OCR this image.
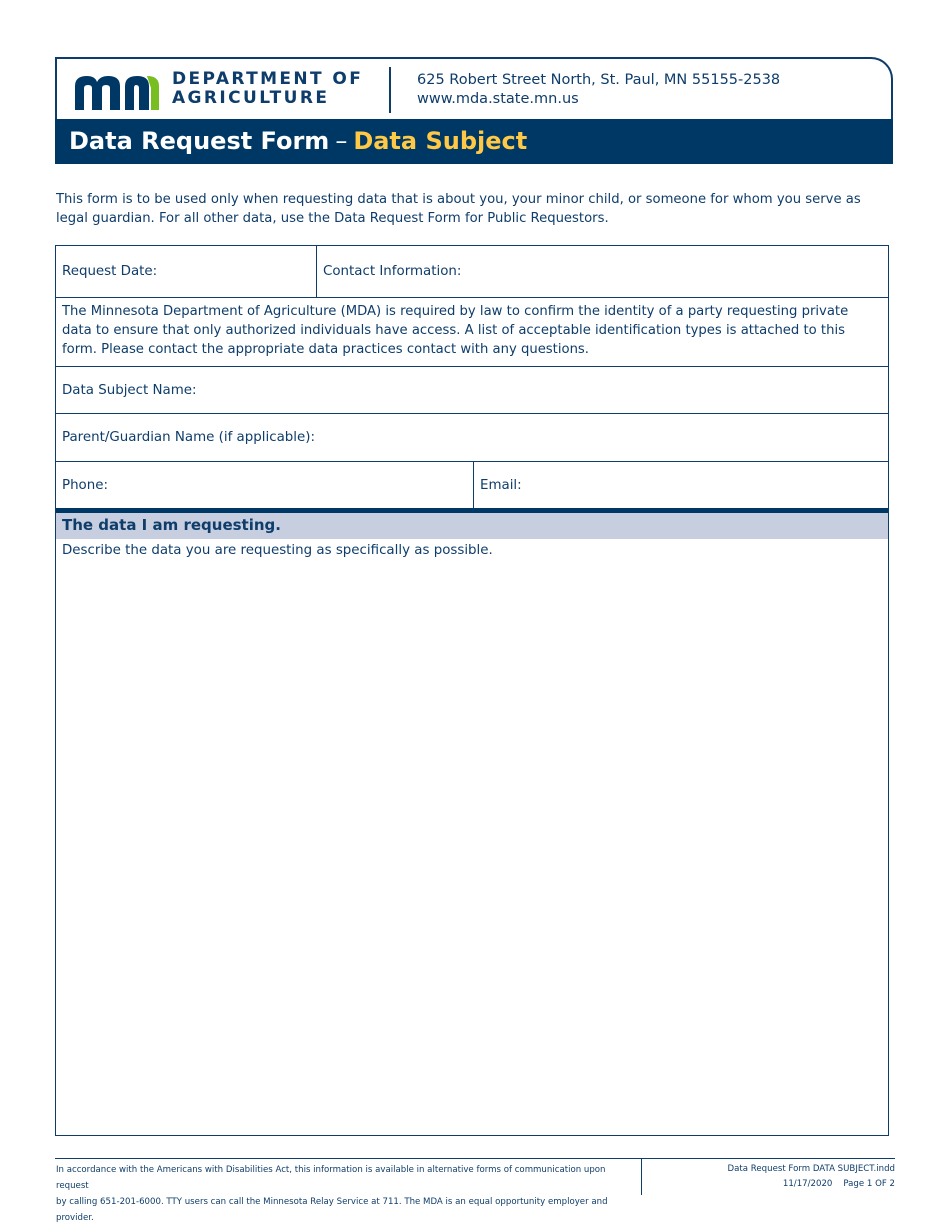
DEPARTMENT OF
AGRICULTURE
625 Robert Street North, St. Paul, MN 55155-2538
www.mda.state.mn.us
Data Request Form – Data Subject
This form is to be used only when requesting data that is about you, your minor child, or someone for whom you serve as legal guardian. For all other data, use the Data Request Form for Public Requestors.
Request Date:	Contact Information:
The Minnesota Department of Agriculture (MDA) is required by law to confirm the identity of a party requesting private data to ensure that only authorized individuals have access. A list of acceptable identification types is attached to this form. Please contact the appropriate data practices contact with any questions.
Data Subject Name:
Parent/Guardian Name (if applicable):
Phone:	Email:
The data I am requesting.
Describe the data you are requesting as specifically as possible.
In accordance with the Americans with Disabilities Act, this information is available in alternative forms of communication upon request
by calling 651-201-6000. TTY users can call the Minnesota Relay Service at 711. The MDA is an equal opportunity employer and provider.
Data Request Form DATA SUBJECT.indd
11/17/2020 Page 1 OF 2
